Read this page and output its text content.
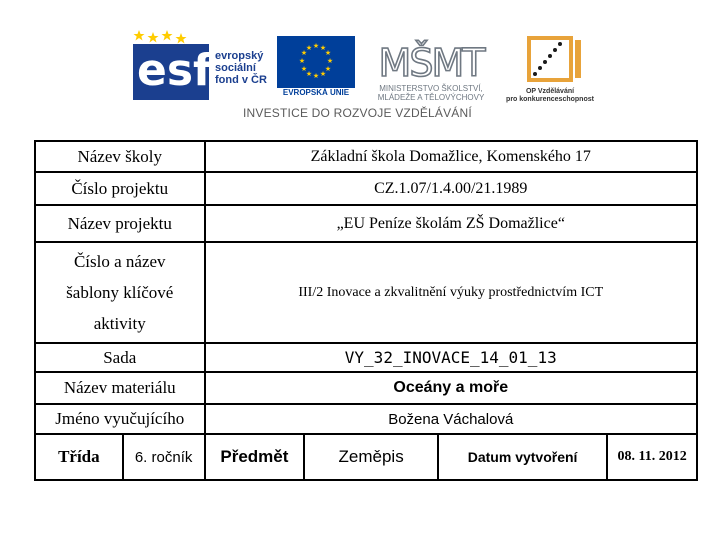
esf evropský
sociální
fond v ČR
★ ★
★
★
★
★
★
★
★
★
★
★
EVROPSKÁ UNIE
MŠMT
MINISTERSTVO ŠKOLSTVÍ,
MLÁDEŽE A TĚLOVÝCHOVY
OP Vzdělávání
pro konkurenceschopnost
INVESTICE DO ROZVOJE VZDĚLÁVÁNÍ
Název školy		Základní škola Domažlice, Komenského 17			
Číslo projektu		CZ.1.07/1.4.00/21.1989			
Název projektu		„EU Peníze školám ZŠ Domažlice“			
Číslo a název šablony klíčové aktivity		III/2 Inovace a zkvalitnění výuky prostřednictvím ICT			
Sada		VY_32_INOVACE_14_01_13			
Název materiálu		Oceány a moře			
Jméno vyučujícího		Božena Váchalová			
Třída	6. ročník	Předmět	Zeměpis	Datum vytvoření	08. 11. 2012
